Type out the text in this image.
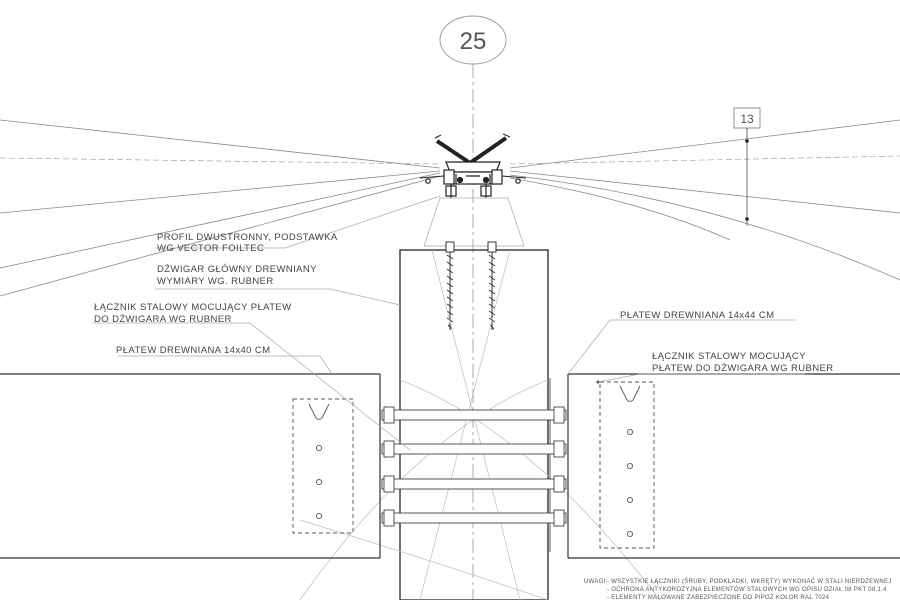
13
25
PROFIL DWUSTRONNY, PODSTAWKA
WG VECTOR FOILTEC
DŹWIGAR GŁÓWNY DREWNIANY
WYMIARY WG. RUBNER
ŁĄCZNIK STALOWY MOCUJĄCY PŁATEW
DO DŹWIGARA WG RUBNER
PŁATEW DREWNIANA 14x40 CM
PŁATEW DREWNIANA 14x44 CM
ŁĄCZNIK STALOWY MOCUJĄCY
PŁATEW DO DŹWIGARA WG RUBNER
UWAGI: - WSZYSTKIE ŁĄCZNIKI (ŚRUBY, PODKŁADKI, WKRĘTY) WYKONAĆ W STALI NIERDZEWNEJ
- OCHRONA ANTYKOROZYJNA ELEMENTÓW STALOWYCH WG OPISU DZIAŁ 08 PKT 08.1.4
- ELEMENTY MALOWANE ZABEZPIECZONE DO PIPOŻ KOLOR RAL 7024
